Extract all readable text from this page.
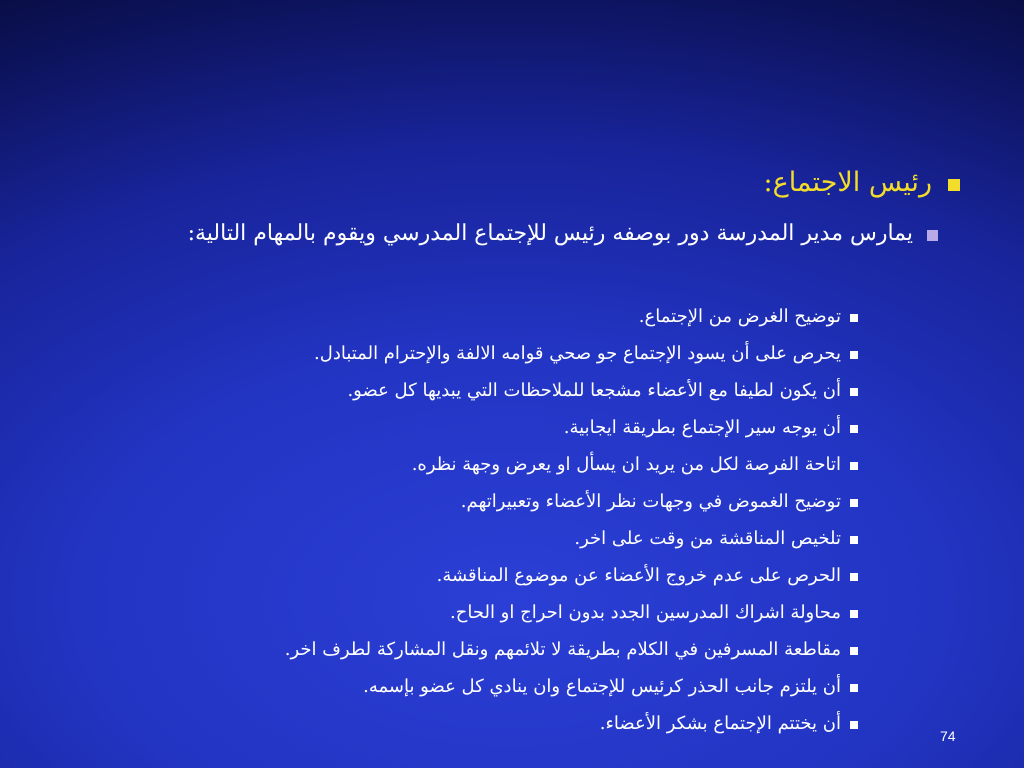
رئيس الاجتماع:
يمارس مدير المدرسة دور بوصفه رئيس للإجتماع المدرسي ويقوم بالمهام التالية:
توضيح الغرض من الإجتماع.
يحرص على أن يسود الإجتماع جو صحي قوامه الالفة والإحترام المتبادل.
أن يكون لطيفا مع الأعضاء مشجعا للملاحظات التي يبديها كل عضو.
أن يوجه سير الإجتماع بطريقة ايجابية.
اتاحة الفرصة لكل من يريد ان يسأل او يعرض وجهة نظره.
توضيح الغموض في وجهات نظر الأعضاء وتعبيراتهم.
تلخيص المناقشة من وقت على اخر.
الحرص على عدم خروج الأعضاء عن موضوع المناقشة.
محاولة اشراك المدرسين الجدد بدون احراج او الحاح.
مقاطعة المسرفين في الكلام بطريقة لا تلائمهم ونقل المشاركة لطرف اخر.
أن يلتزم جانب الحذر كرئيس للإجتماع وان ينادي كل عضو بإسمه.
أن يختتم الإجتماع بشكر الأعضاء.
74
